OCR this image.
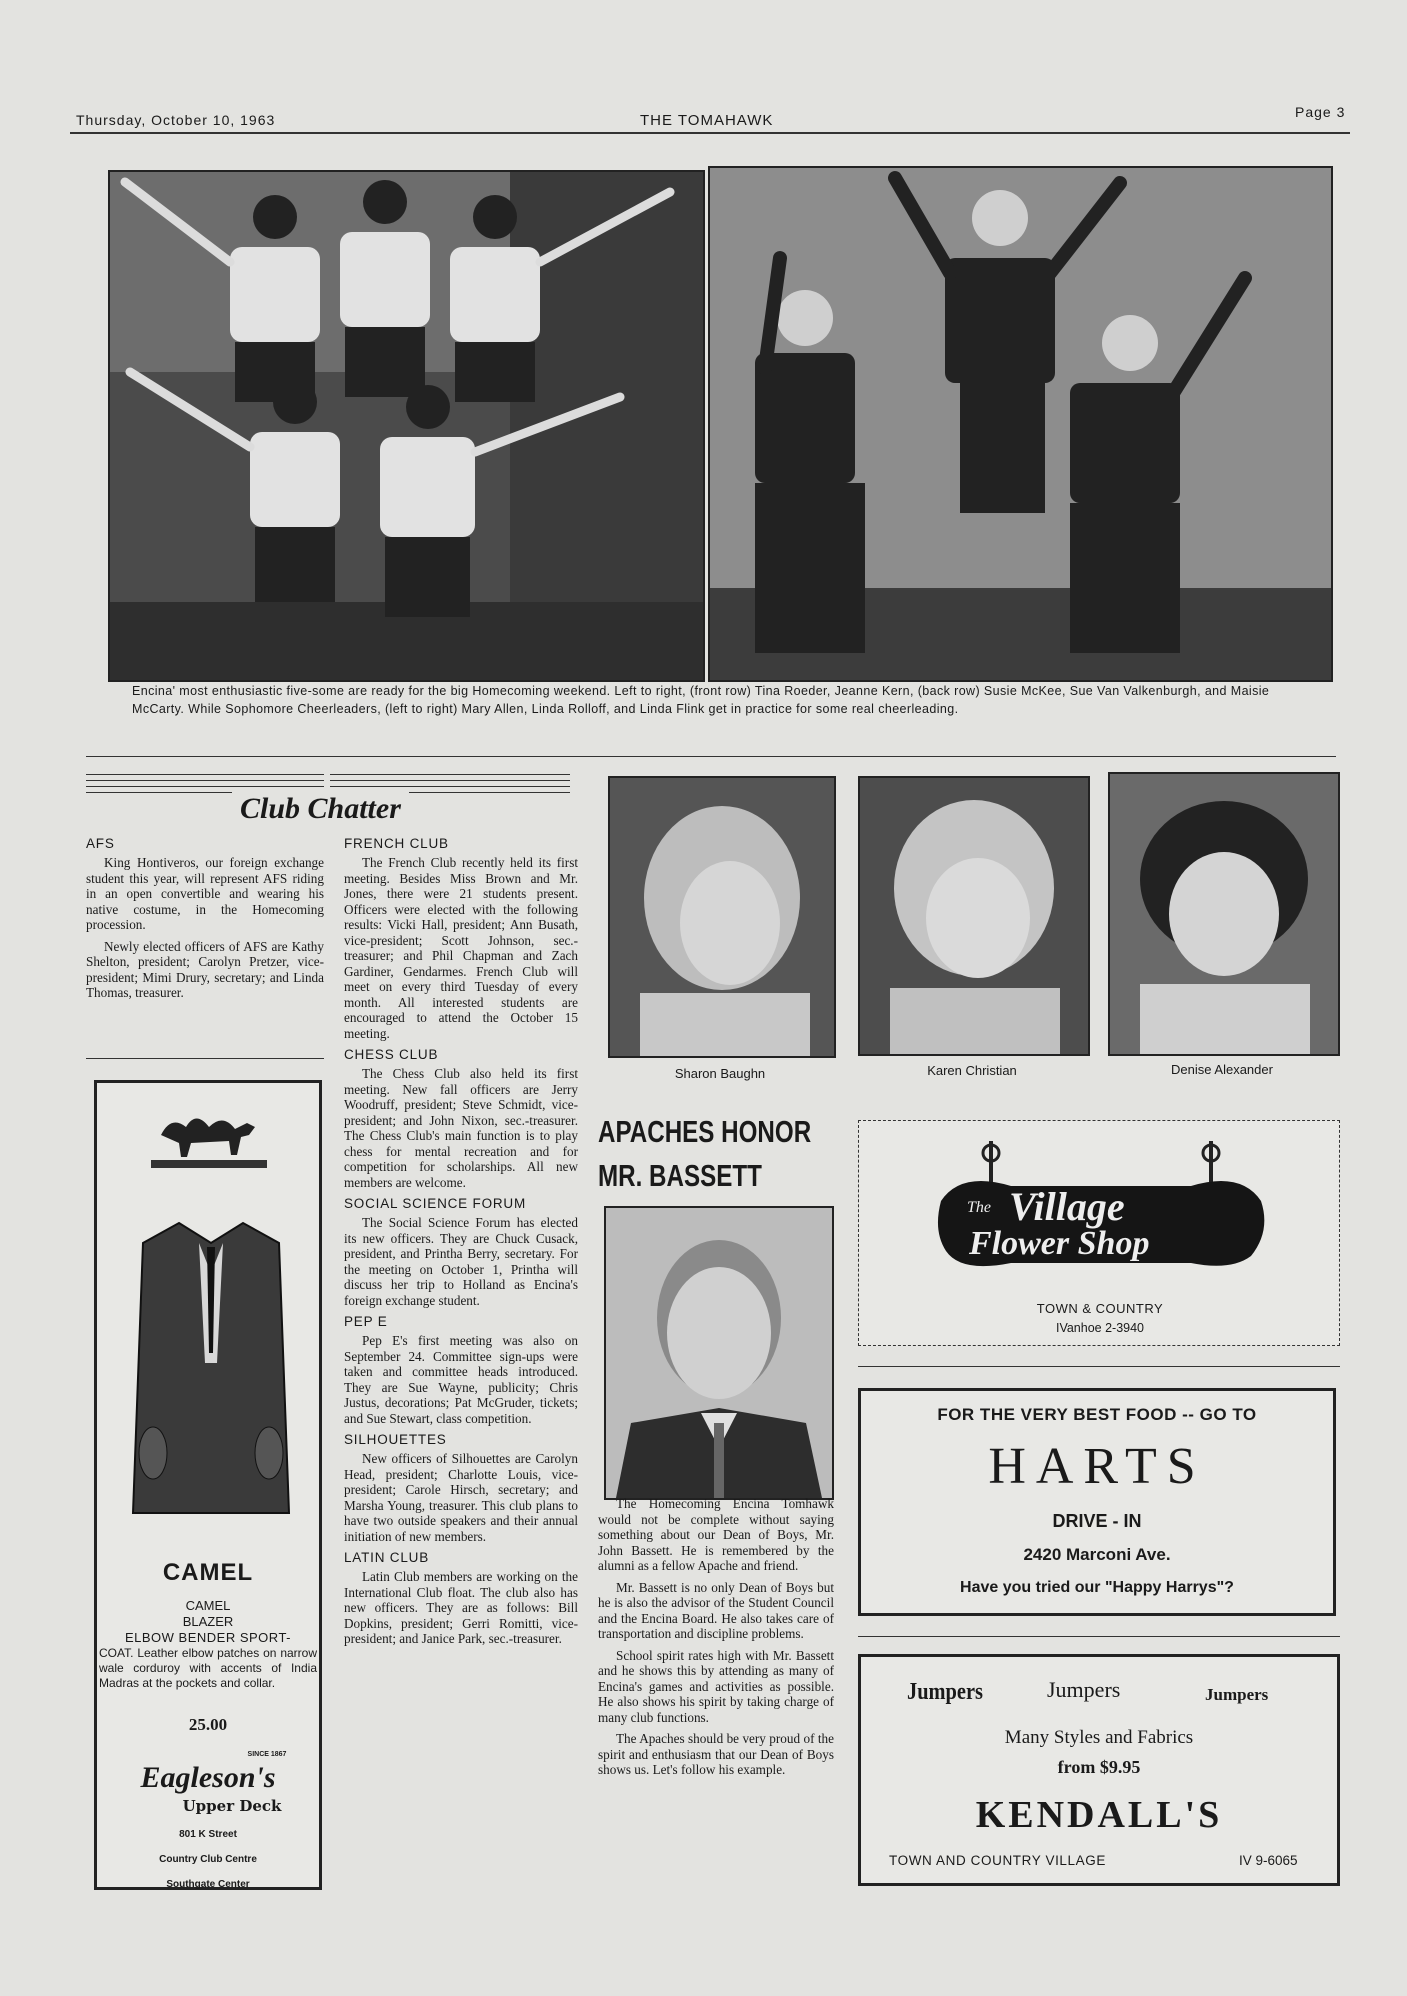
Thursday, October 10, 1963	THE TOMAHAWK	Page 3
Encina' most enthusiastic five-some are ready for the big Homecoming weekend. Left to right, (front row) Tina Roeder, Jeanne Kern, (back row) Susie McKee, Sue Van Valkenburgh, and Maisie McCarty. While Sophomore Cheerleaders, (left to right) Mary Allen, Linda Rolloff, and Linda Flink get in practice for some real cheerleading.
Club Chatter
AFS

King Hontiveros, our foreign exchange student this year, will represent AFS riding in an open convertible and wearing his native costume, in the Homecoming procession.

Newly elected officers of AFS are Kathy Shelton, president; Carolyn Pretzer, vice-president; Mimi Drury, secretary; and Linda Thomas, treasurer.

FRENCH CLUB

The French Club recently held its first meeting. Besides Miss Brown and Mr. Jones, there were 21 students present. Officers were elected with the following results: Vicki Hall, president; Ann Busath, vice-president; Scott Johnson, sec.-treasurer; and Phil Chapman and Zach Gardiner, Gendarmes. French Club will meet on every third Tuesday of every month. All interested students are encouraged to attend the October 15 meeting.

CHESS CLUB

The Chess Club also held its first meeting. New fall officers are Jerry Woodruff, president; Steve Schmidt, vice-president; and John Nixon, sec.-treasurer. The Chess Club's main function is to play chess for mental recreation and for competition for scholarships. All new members are welcome.

SOCIAL SCIENCE FORUM

The Social Science Forum has elected its new officers. They are Chuck Cusack, president, and Printha Berry, secretary. For the meeting on October 1, Printha will discuss her trip to Holland as Encina's foreign exchange student.

PEP E

Pep E's first meeting was also on September 24. Committee sign-ups were taken and committee heads introduced. They are Sue Wayne, publicity; Chris Justus, decorations; Pat McGruder, tickets; and Sue Stewart, class competition.

SILHOUETTES

New officers of Silhouettes are Carolyn Head, president; Charlotte Louis, vice-president; Carole Hirsch, secretary; and Marsha Young, treasurer. This club plans to have two outside speakers and their annual initiation of new members.

LATIN CLUB

Latin Club members are working on the International Club float. The club also has new officers. They are as follows: Bill Dopkins, president; Gerri Romitti, vice-president; and Janice Park, sec.-treasurer.

CAMEL
CAMEL
BLAZER
ELBOW BENDER SPORT-
COAT. Leather elbow patches on narrow wale corduroy with accents of India Madras at the pockets and collar.
25.00
SINCE 1867
Eagleson's
Upper Deck
801 K Street
Country Club Centre
Southgate Center
Sharon Baughn	Karen Christian	Denise Alexander
APACHES HONOR
MR. BASSETT

The Homecoming Encina Tomhawk would not be complete without saying something about our Dean of Boys, Mr. John Bassett. He is remembered by the alumni as a fellow Apache and friend.

Mr. Bassett is no only Dean of Boys but he is also the advisor of the Student Council and the Encina Board. He also takes care of transportation and discipline problems.

School spirit rates high with Mr. Bassett and he shows this by attending as many of Encina's games and activities as possible. He also shows his spirit by taking charge of many club functions.

The Apaches should be very proud of the spirit and enthusiasm that our Dean of Boys shows us. Let's follow his example.

The Village
Flower Shop
TOWN & COUNTRY
IVanhoe 2-3940
FOR THE VERY BEST FOOD -- GO TO
HARTS
DRIVE - IN
2420 Marconi Ave.
Have you tried our "Happy Harrys"?
Jumpers	Jumpers	Jumpers
Many Styles and Fabrics
from $9.95
KENDALL'S
TOWN AND COUNTRY VILLAGE	IV 9-6065
